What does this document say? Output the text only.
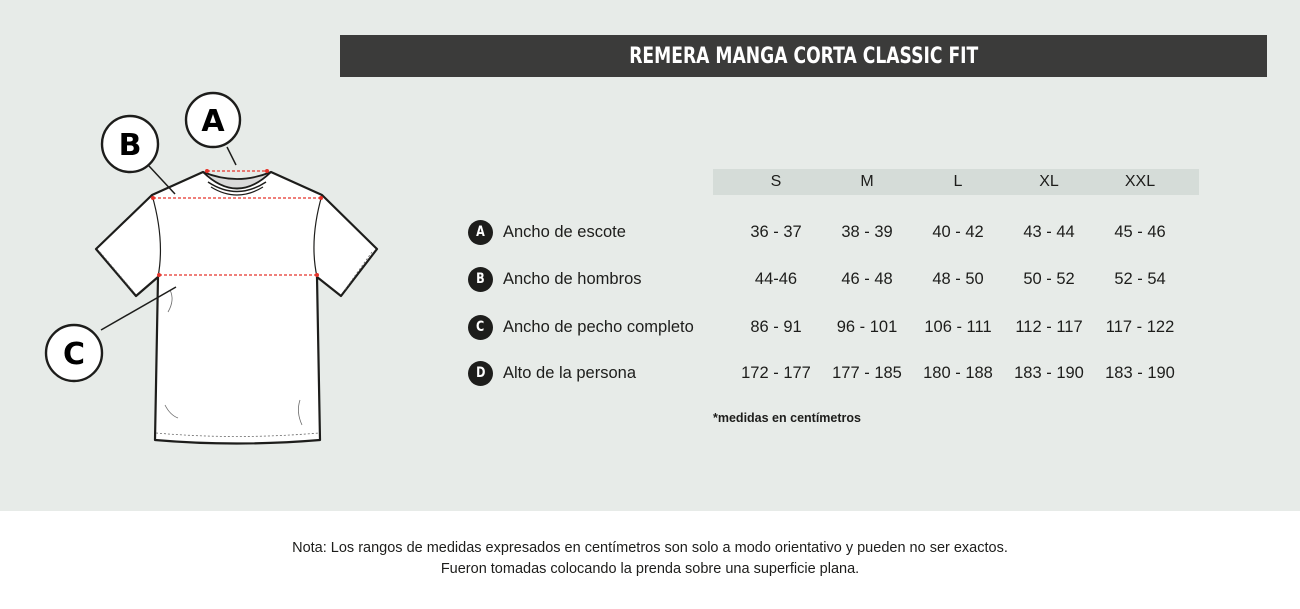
A
B
C
REMERA MANGA CORTA CLASSIC FIT
S	M	L	XL	XXL
A Ancho de escote	36 - 37	38 - 39	40 - 42	43 - 44	45 - 46
B Ancho de hombros	44-46	46 - 48	48 - 50	50 - 52	52 - 54
C Ancho de pecho completo	86 - 91	96 - 101	106 - 111	112 - 117	117 - 122
D Alto de la persona	172 - 177	177 - 185	180 - 188	183 - 190	183 - 190
*medidas en centímetros
Nota: Los rangos de medidas expresados en centímetros son solo a modo orientativo y pueden no ser exactos.
Fueron tomadas colocando la prenda sobre una superficie plana.
